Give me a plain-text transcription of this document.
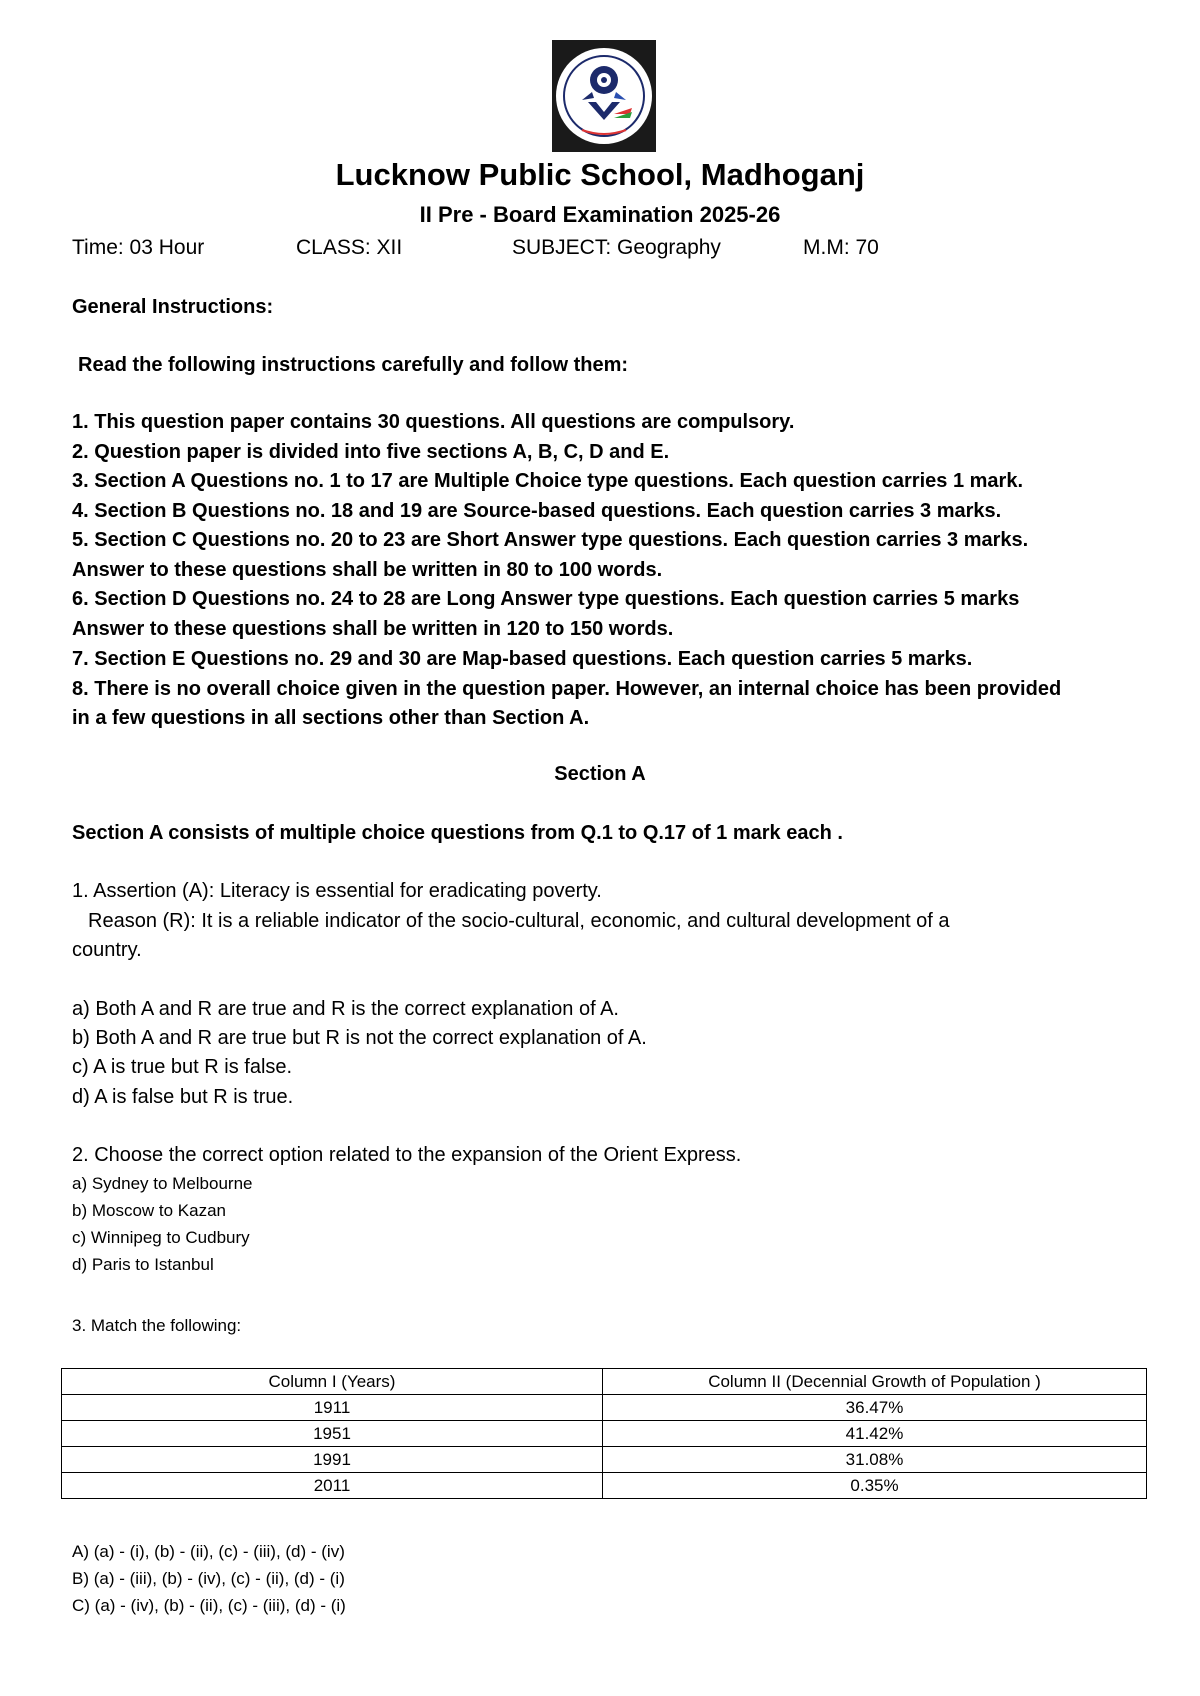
Lucknow Public School, Madhoganj
II Pre - Board Examination 2025-26
Time: 03 Hour	CLASS: XII	SUBJECT: Geography	M.M: 70
General Instructions:
Read the following instructions carefully and follow them:
1. This question paper contains 30 questions. All questions are compulsory.
2. Question paper is divided into five sections A, B, C, D and E.
3. Section A Questions no. 1 to 17 are Multiple Choice type questions. Each question carries 1 mark.
4. Section B Questions no. 18 and 19 are Source-based questions. Each question carries 3 marks.
5. Section C Questions no. 20 to 23 are Short Answer type questions. Each question carries 3 marks.
Answer to these questions shall be written in 80 to 100 words.
6. Section D Questions no. 24 to 28 are Long Answer type questions. Each question carries 5 marks
Answer to these questions shall be written in 120 to 150 words.
7. Section E Questions no. 29 and 30 are Map-based questions. Each question carries 5 marks.
8. There is no overall choice given in the question paper. However, an internal choice has been provided
in a few questions in all sections other than Section A.
Section A
Section A consists of multiple choice questions from Q.1 to Q.17 of 1 mark each .
1. Assertion (A): Literacy is essential for eradicating poverty.
Reason (R): It is a reliable indicator of the socio-cultural, economic, and cultural development of a
country.
a) Both A and R are true and R is the correct explanation of A.
b) Both A and R are true but R is not the correct explanation of A.
c) A is true but R is false.
d) A is false but R is true.
2. Choose the correct option related to the expansion of the Orient Express.
a) Sydney to Melbourne
b) Moscow to Kazan
c) Winnipeg to Cudbury
d) Paris to Istanbul
3. Match the following:
Column I (Years)	Column II (Decennial Growth of Population )
1911	36.47%
1951	41.42%
1991	31.08%
2011	0.35%
A) (a) - (i), (b) - (ii), (c) - (iii), (d) - (iv)
B) (a) - (iii), (b) - (iv), (c) - (ii), (d) - (i)
C) (a) - (iv), (b) - (ii), (c) - (iii), (d) - (i)
